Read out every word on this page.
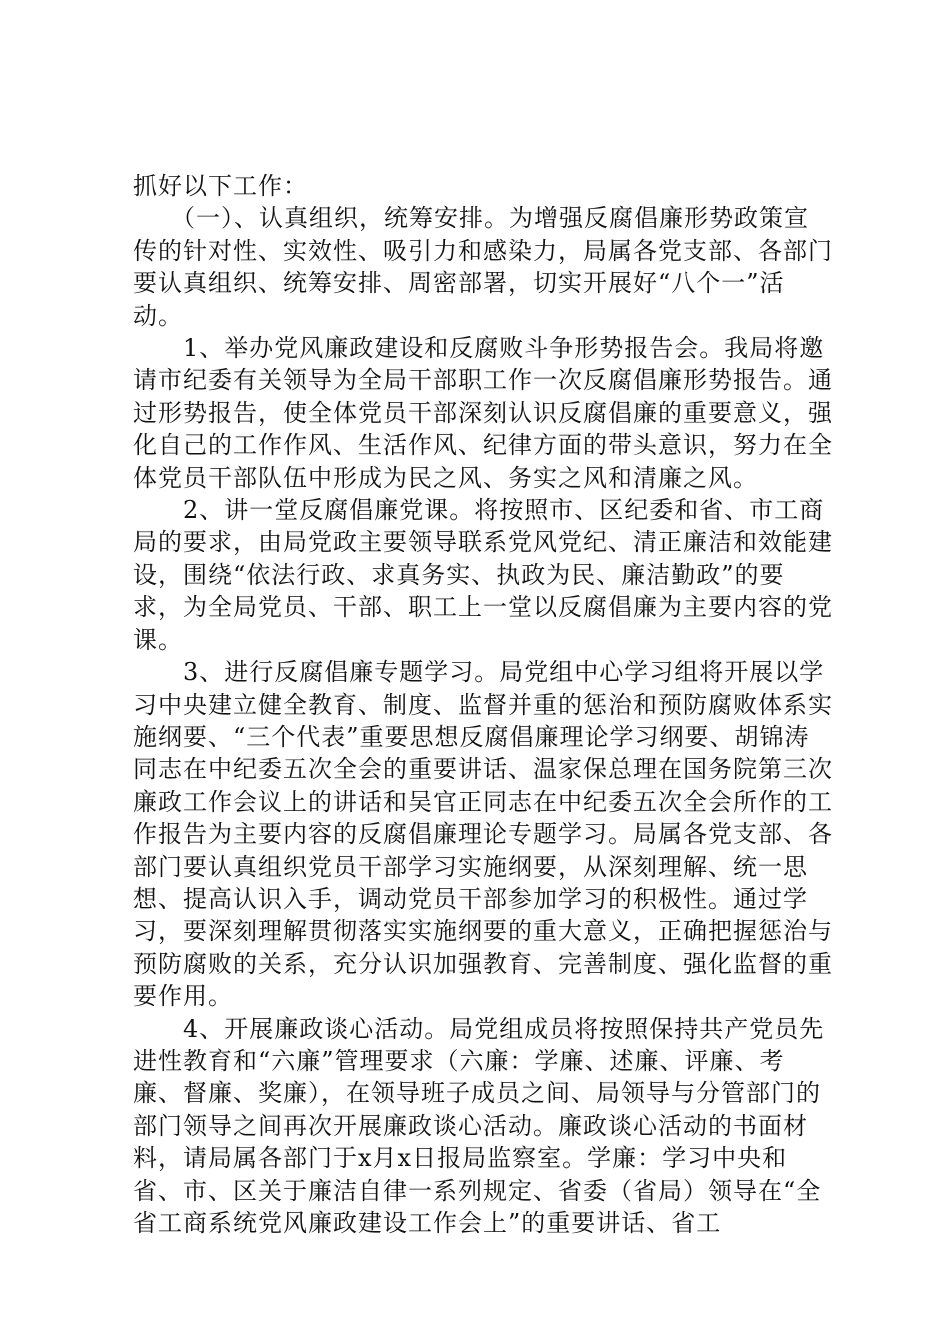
抓好以下工作：

　　（一）、认真组织，统筹安排。为增强反腐倡廉形势政策宣传的针对性、实效性、吸引力和感染力，局属各党支部、各部门要认真组织、统筹安排、周密部署，切实开展好“八个一”活动。

　　1、举办党风廉政建设和反腐败斗争形势报告会。我局将邀请市纪委有关领导为全局干部职工作一次反腐倡廉形势报告。通过形势报告，使全体党员干部深刻认识反腐倡廉的重要意义，强化自己的工作作风、生活作风、纪律方面的带头意识，努力在全体党员干部队伍中形成为民之风、务实之风和清廉之风。

　　2、讲一堂反腐倡廉党课。将按照市、区纪委和省、市工商局的要求，由局党政主要领导联系党风党纪、清正廉洁和效能建设，围绕“依法行政、求真务实、执政为民、廉洁勤政”的要求，为全局党员、干部、职工上一堂以反腐倡廉为主要内容的党课。

　　3、进行反腐倡廉专题学习。局党组中心学习组将开展以学习中央建立健全教育、制度、监督并重的惩治和预防腐败体系实施纲要、“三个代表”重要思想反腐倡廉理论学习纲要、胡锦涛同志在中纪委五次全会的重要讲话、温家保总理在国务院第三次廉政工作会议上的讲话和吴官正同志在中纪委五次全会所作的工作报告为主要内容的反腐倡廉理论专题学习。局属各党支部、各部门要认真组织党员干部学习实施纲要，从深刻理解、统一思想、提高认识入手，调动党员干部参加学习的积极性。通过学习，要深刻理解贯彻落实实施纲要的重大意义，正确把握惩治与预防腐败的关系，充分认识加强教育、完善制度、强化监督的重要作用。

　　4、开展廉政谈心活动。局党组成员将按照保持共产党员先进性教育和“六廉”管理要求（六廉：学廉、述廉、评廉、考廉、督廉、奖廉），在领导班子成员之间、局领导与分管部门的部门领导之间再次开展廉政谈心活动。廉政谈心活动的书面材料，请局属各部门于x月x日报局监察室。学廉：学习中央和省、市、区关于廉洁自律一系列规定、省委（省局）领导在“全省工商系统党风廉政建设工作会上”的重要讲话、省工
